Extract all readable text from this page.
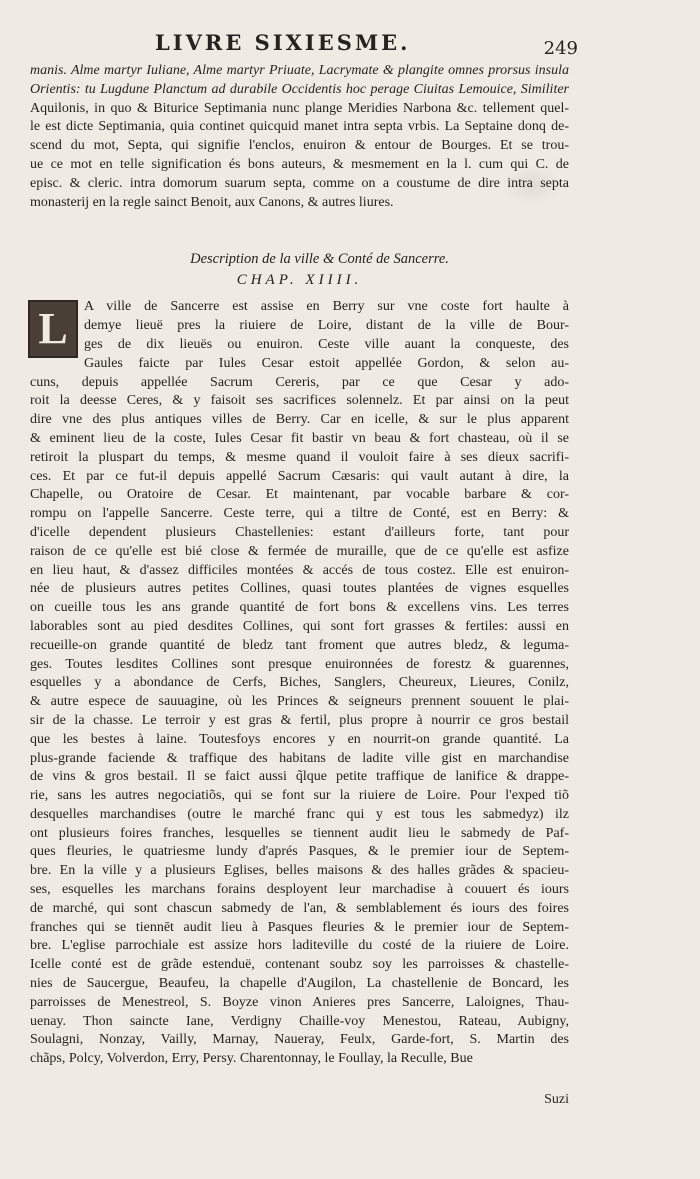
LIVRE SIXIESME.	249
manis. Alme martyr Iuliane, Alme martyr Priuate, Lacrymate & plangite omnes prorsus insula
Orientis: tu Lugdune Planctum ad durabile Occidentis hoc perage Ciuitas Lemouice, Similiter
Aquilonis, in quo & Biturice Septimania nunc plange Meridies Narbona &c. tellement quel-
le est dicte Septimania, quia continet quicquid manet intra septa vrbis. La Septaine donq de-
scend du mot, Septa, qui signifie l'enclos, enuiron & entour de Bourges. Et se trou-
ue ce mot en telle signification és bons auteurs, & mesmement en la l. cum qui C. de
episc. & cleric. intra domorum suarum septa, comme on a coustume de dire intra septa
monasterij en la regle sainct Benoit, aux Canons, & autres liures.
Description de la ville & Conté de Sancerre.
CHAP. XIIII.
L	A ville de Sancerre est assise en Berry sur vne coste fort haulte à
demye lieuë pres la riuiere de Loire, distant de la ville de Bour-
ges de dix lieuës ou enuiron. Ceste ville auant la conqueste, des
Gaules faicte par Iules Cesar estoit appellée Gordon, & selon au-
cuns, depuis appellée Sacrum Cereris, par ce que Cesar y ado-
roit la deesse Ceres, & y faisoit ses sacrifices solennelz. Et par ainsi on la peut
dire vne des plus antiques villes de Berry. Car en icelle, & sur le plus apparent
& eminent lieu de la coste, Iules Cesar fit bastir vn beau & fort chasteau, où il se
retiroit la pluspart du temps, & mesme quand il vouloit faire à ses dieux sacrifi-
ces. Et par ce fut-il depuis appellé Sacrum Cæsaris: qui vault autant à dire, la
Chapelle, ou Oratoire de Cesar. Et maintenant, par vocable barbare & cor-
rompu on l'appelle Sancerre. Ceste terre, qui a tiltre de Conté, est en Berry: &
d'icelle dependent plusieurs Chastellenies: estant d'ailleurs forte, tant pour
raison de ce qu'elle est bié close & fermée de muraille, que de ce qu'elle est asfize
en lieu haut, & d'assez difficiles montées & accés de tous costez. Elle est enuiron-
née de plusieurs autres petites Collines, quasi toutes plantées de vignes esquelles
on cueille tous les ans grande quantité de fort bons & excellens vins. Les terres
laborables sont au pied desdites Collines, qui sont fort grasses & fertiles: aussi en
recueille-on grande quantité de bledz tant froment que autres bledz, & leguma-
ges. Toutes lesdites Collines sont presque enuironnées de forestz & guarennes,
esquelles y a abondance de Cerfs, Biches, Sanglers, Cheureux, Lieures, Conilz,
& autre espece de sauuagine, où les Princes & seigneurs prennent souuent le plai-
sir de la chasse. Le terroir y est gras & fertil, plus propre à nourrir ce gros bestail
que les bestes à laine. Toutesfoys encores y en nourrit-on grande quantité. La
plus-grande faciende & traffique des habitans de ladite ville gist en marchandise
de vins & gros bestail. Il se faict aussi q̃lque petite traffique de lanifice & drappe-
rie, sans les autres negociatiõs, qui se font sur la riuiere de Loire. Pour l'exped tiõ
desquelles marchandises (outre le marché franc qui y est tous les sabmedyz) ilz
ont plusieurs foires franches, lesquelles se tiennent audit lieu le sabmedy de Paf-
ques fleuries, le quatriesme lundy d'aprés Pasques, & le premier iour de Septem-
bre. En la ville y a plusieurs Eglises, belles maisons & des halles grãdes & spacieu-
ses, esquelles les marchans forains desployent leur marchadise à couuert és iours
de marché, qui sont chascun sabmedy de l'an, & semblablement és iours des foires
franches qui se tiennēt audit lieu à Pasques fleuries & le premier iour de Septem-
bre. L'eglise parrochiale est assize hors laditeville du costé de la riuiere de Loire.
Icelle conté est de grãde estenduë, contenant soubz soy les parroisses & chastelle-
nies de Saucergue, Beaufeu, la chapelle d'Augilon, La chastellenie de Boncard, les
parroisses de Menestreol, S. Boyze vinon Anieres pres Sancerre, Laloignes, Thau-
uenay. Thon saincte Iane, Verdigny Chaille-voy Menestou, Rateau, Aubigny,
Soulagni, Nonzay, Vailly, Marnay, Naueray, Feulx, Garde-fort, S. Martin des
chãps, Polcy, Volverdon, Erry, Persy. Charentonnay, le Foullay, la Reculle, Bue
Suzi
